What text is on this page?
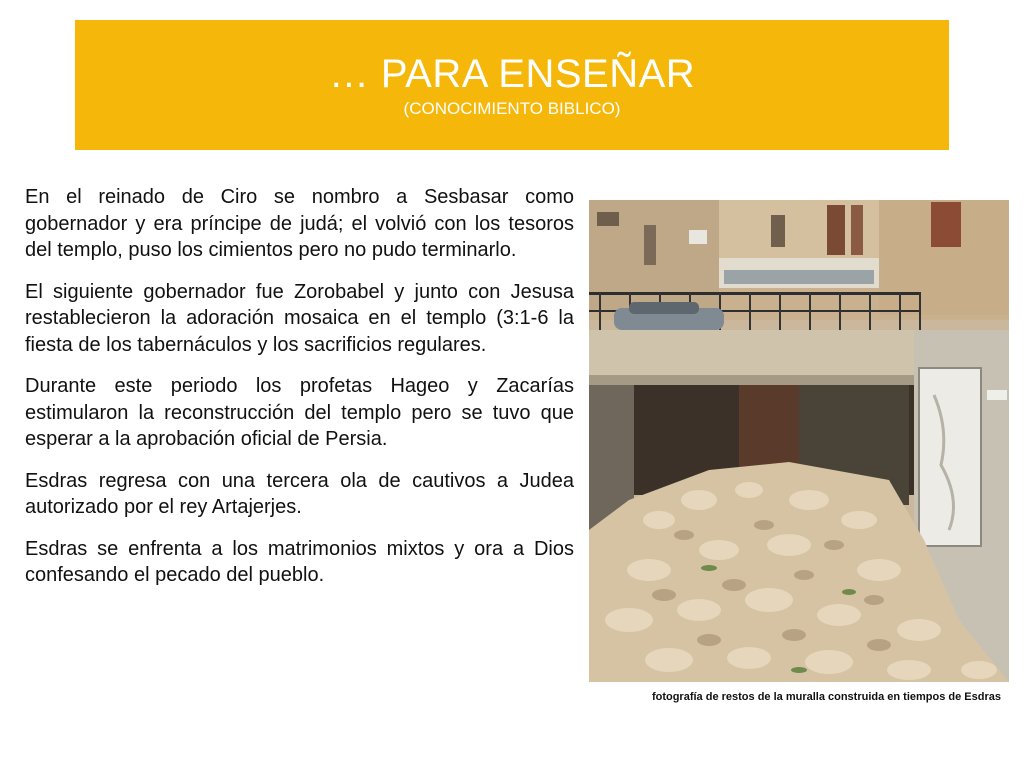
… PARA ENSEÑAR
(CONOCIMIENTO BIBLICO)

En el reinado de Ciro se nombro a Sesbasar como gobernador y era príncipe de judá; el volvió con los tesoros del templo, puso los cimientos pero no pudo terminarlo.

El siguiente gobernador fue Zorobabel y junto con Jesusa restablecieron la adoración mosaica en el templo (3:1-6 la fiesta de los tabernáculos y los sacrificios regulares.

Durante este periodo los profetas Hageo y Zacarías estimularon la reconstrucción del templo pero se tuvo que esperar a la aprobación oficial de Persia.

Esdras regresa con una tercera ola de cautivos a Judea autorizado por el rey Artajerjes.

Esdras se enfrenta a los matrimonios mixtos y ora a Dios confesando el pecado del pueblo.

fotografía de restos de la muralla construida en tiempos de Esdras
